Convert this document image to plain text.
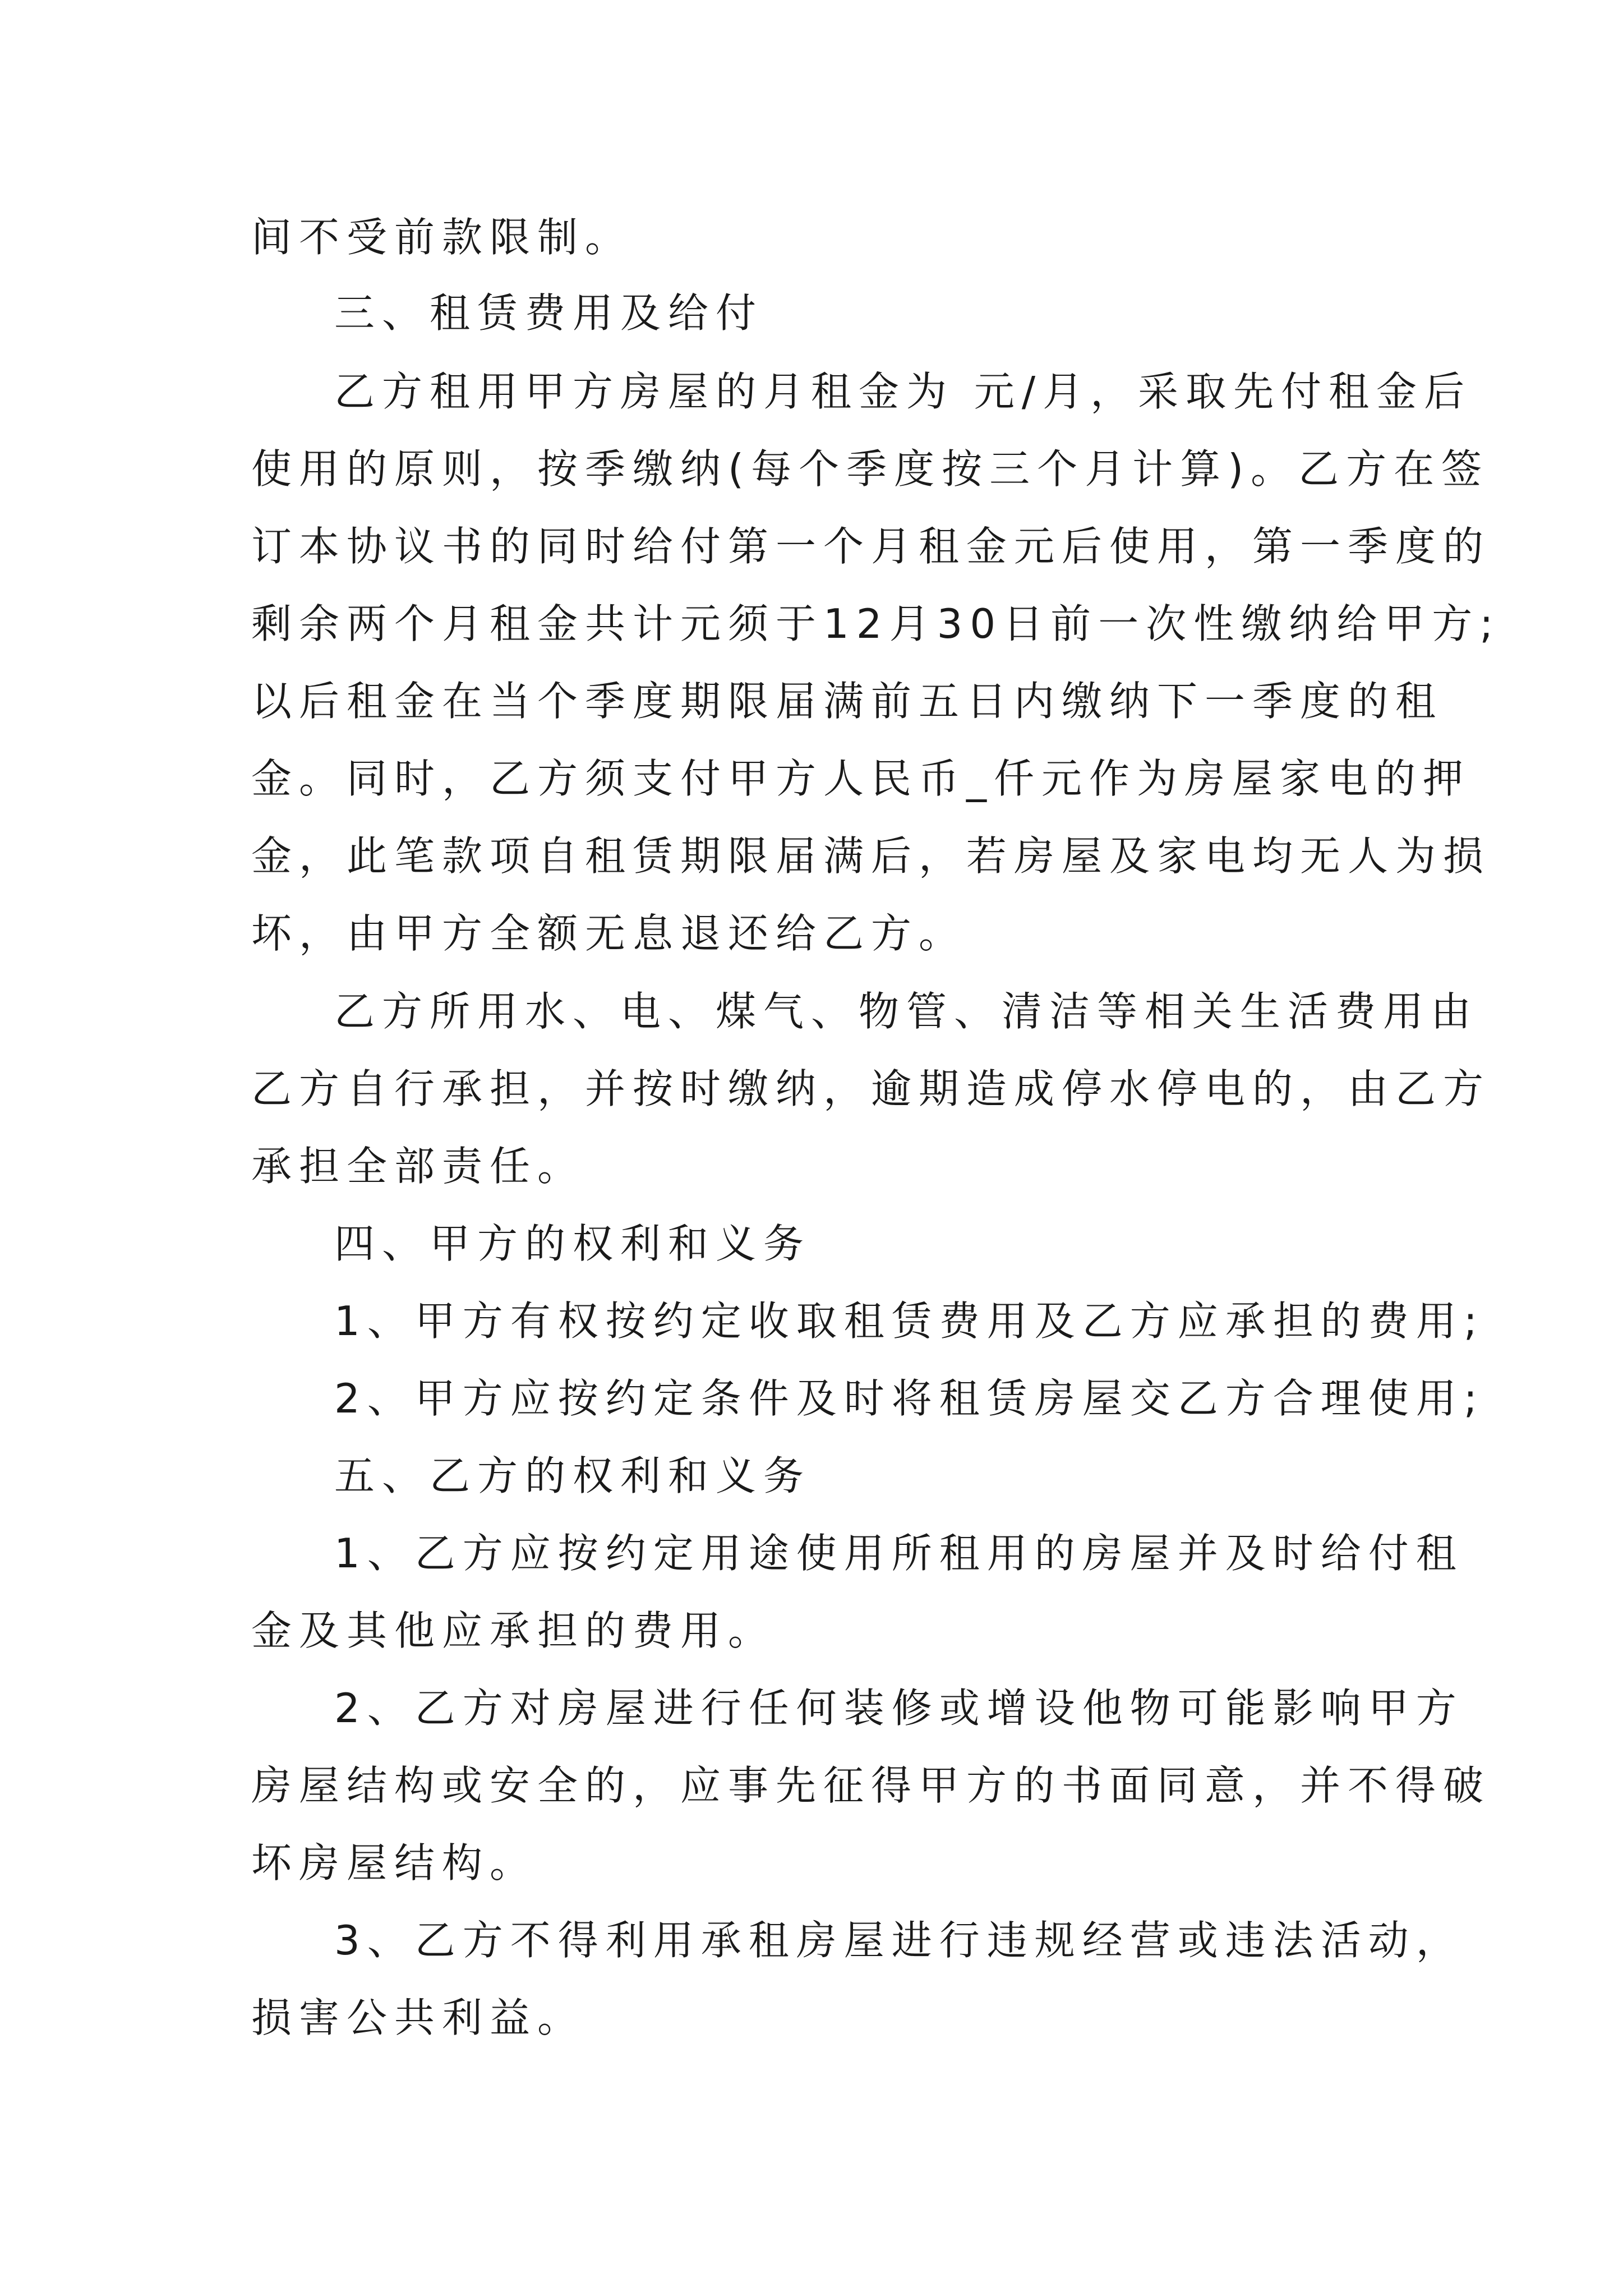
间不受前款限制。
三、租赁费用及给付
乙方租用甲方房屋的月租金为 元/月，采取先付租金后
使用的原则，按季缴纳(每个季度按三个月计算)。乙方在签
订本协议书的同时给付第一个月租金元后使用，第一季度的
剩余两个月租金共计元须于12月30日前一次性缴纳给甲方;
以后租金在当个季度期限届满前五日内缴纳下一季度的租
金。同时，乙方须支付甲方人民币_仟元作为房屋家电的押
金，此笔款项自租赁期限届满后，若房屋及家电均无人为损
坏，由甲方全额无息退还给乙方。
乙方所用水、电、煤气、物管、清洁等相关生活费用由
乙方自行承担，并按时缴纳，逾期造成停水停电的，由乙方
承担全部责任。
四、甲方的权利和义务
1、甲方有权按约定收取租赁费用及乙方应承担的费用;
2、甲方应按约定条件及时将租赁房屋交乙方合理使用;
五、乙方的权利和义务
1、乙方应按约定用途使用所租用的房屋并及时给付租
金及其他应承担的费用。
2、乙方对房屋进行任何装修或增设他物可能影响甲方
房屋结构或安全的，应事先征得甲方的书面同意，并不得破
坏房屋结构。
3、乙方不得利用承租房屋进行违规经营或违法活动，
损害公共利益。
